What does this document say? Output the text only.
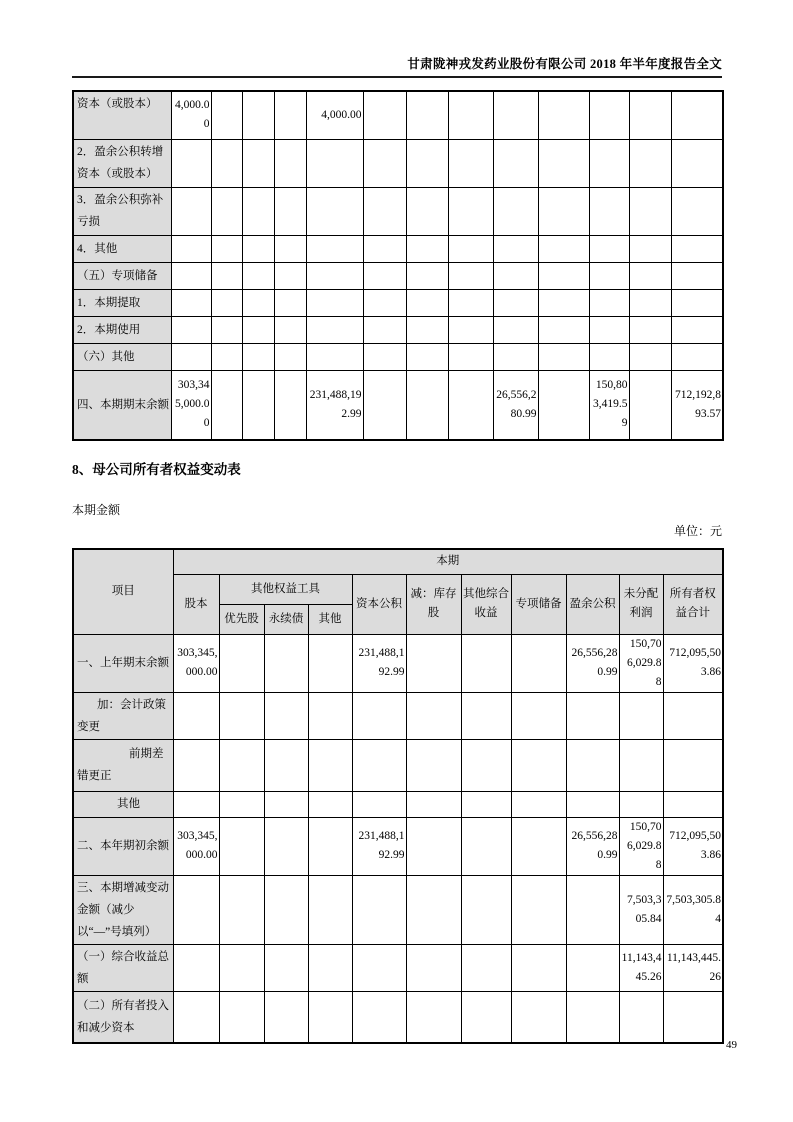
甘肃陇神戎发药业股份有限公司 2018 年半年度报告全文
资本（或股本）	4,000.00				4,000.00								
2．盈余公积转增资本（或股本）													
3．盈余公积弥补亏损													
4．其他													
（五）专项储备													
1．本期提取													
2．本期使用													
（六）其他													
四、本期期末余额	303,345,000.00				231,488,192.99				26,556,280.99		150,803,419.59		712,192,893.57
8、母公司所有者权益变动表
本期金额
单位：元
项目	本期										
	股本	其他权益工具			资本公积	减：库存股	其他综合收益	专项储备	盈余公积	未分配利润	所有者权益合计
		优先股	永续债	其他							
一、上年期末余额	303,345,000.00				231,488,192.99				26,556,280.99	150,706,029.88	712,095,503.86
加：会计政策变更											
前期差错更正											
其他											
二、本年期初余额	303,345,000.00				231,488,192.99				26,556,280.99	150,706,029.88	712,095,503.86
三、本期增减变动金额（减少以“—”号填列）										7,503,305.84	7,503,305.84
（一）综合收益总额										11,143,445.26	11,143,445.26
（二）所有者投入和减少资本											
49
